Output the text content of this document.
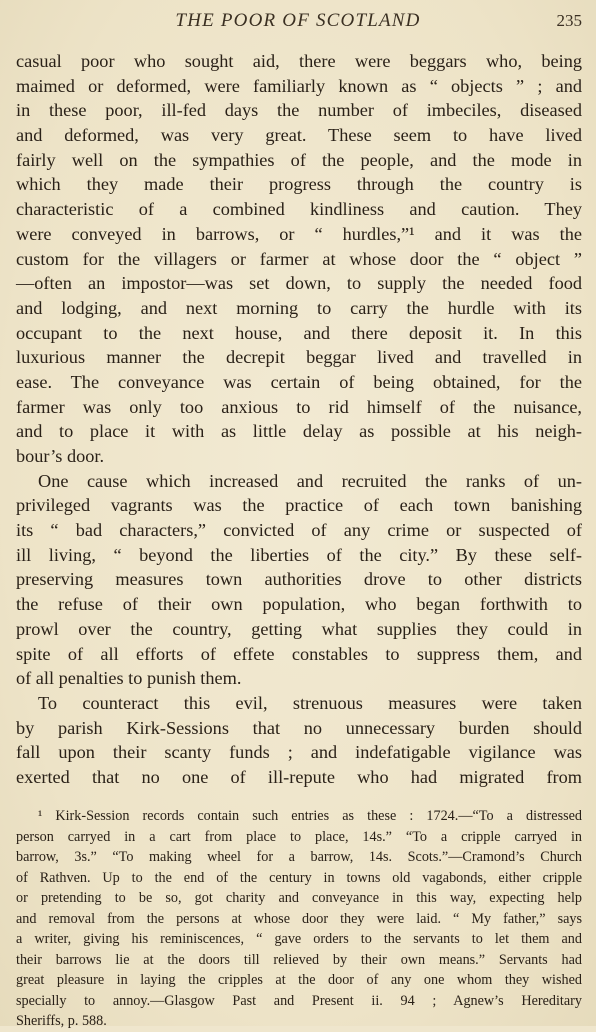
THE POOR OF SCOTLAND	235
casual poor who sought aid, there were beggars who, being
maimed or deformed, were familiarly known as “ objects ” ; and
in these poor, ill-fed days the number of imbeciles, diseased
and deformed, was very great. These seem to have lived
fairly well on the sympathies of the people, and the mode in
which they made their progress through the country is
characteristic of a combined kindliness and caution. They
were conveyed in barrows, or “ hurdles,”¹ and it was the
custom for the villagers or farmer at whose door the “ object ”
—often an impostor—was set down, to supply the needed food
and lodging, and next morning to carry the hurdle with its
occupant to the next house, and there deposit it. In this
luxurious manner the decrepit beggar lived and travelled in
ease. The conveyance was certain of being obtained, for the
farmer was only too anxious to rid himself of the nuisance,
and to place it with as little delay as possible at his neigh-
bour’s door.
One cause which increased and recruited the ranks of un-
privileged vagrants was the practice of each town banishing
its “ bad characters,” convicted of any crime or suspected of
ill living, “ beyond the liberties of the city.” By these self-
preserving measures town authorities drove to other districts
the refuse of their own population, who began forthwith to
prowl over the country, getting what supplies they could in
spite of all efforts of effete constables to suppress them, and
of all penalties to punish them.
To counteract this evil, strenuous measures were taken
by parish Kirk-Sessions that no unnecessary burden should
fall upon their scanty funds ; and indefatigable vigilance was
exerted that no one of ill-repute who had migrated from
¹ Kirk-Session records contain such entries as these : 1724.—“To a distressed
person carryed in a cart from place to place, 14s.” “To a cripple carryed in
barrow, 3s.” “To making wheel for a barrow, 14s. Scots.”—Cramond’s Church
of Rathven. Up to the end of the century in towns old vagabonds, either cripple
or pretending to be so, got charity and conveyance in this way, expecting help
and removal from the persons at whose door they were laid. “ My father,” says
a writer, giving his reminiscences, “ gave orders to the servants to let them and
their barrows lie at the doors till relieved by their own means.” Servants had
great pleasure in laying the cripples at the door of any one whom they wished
specially to annoy.—Glasgow Past and Present ii. 94 ; Agnew’s Hereditary
Sheriffs, p. 588.
